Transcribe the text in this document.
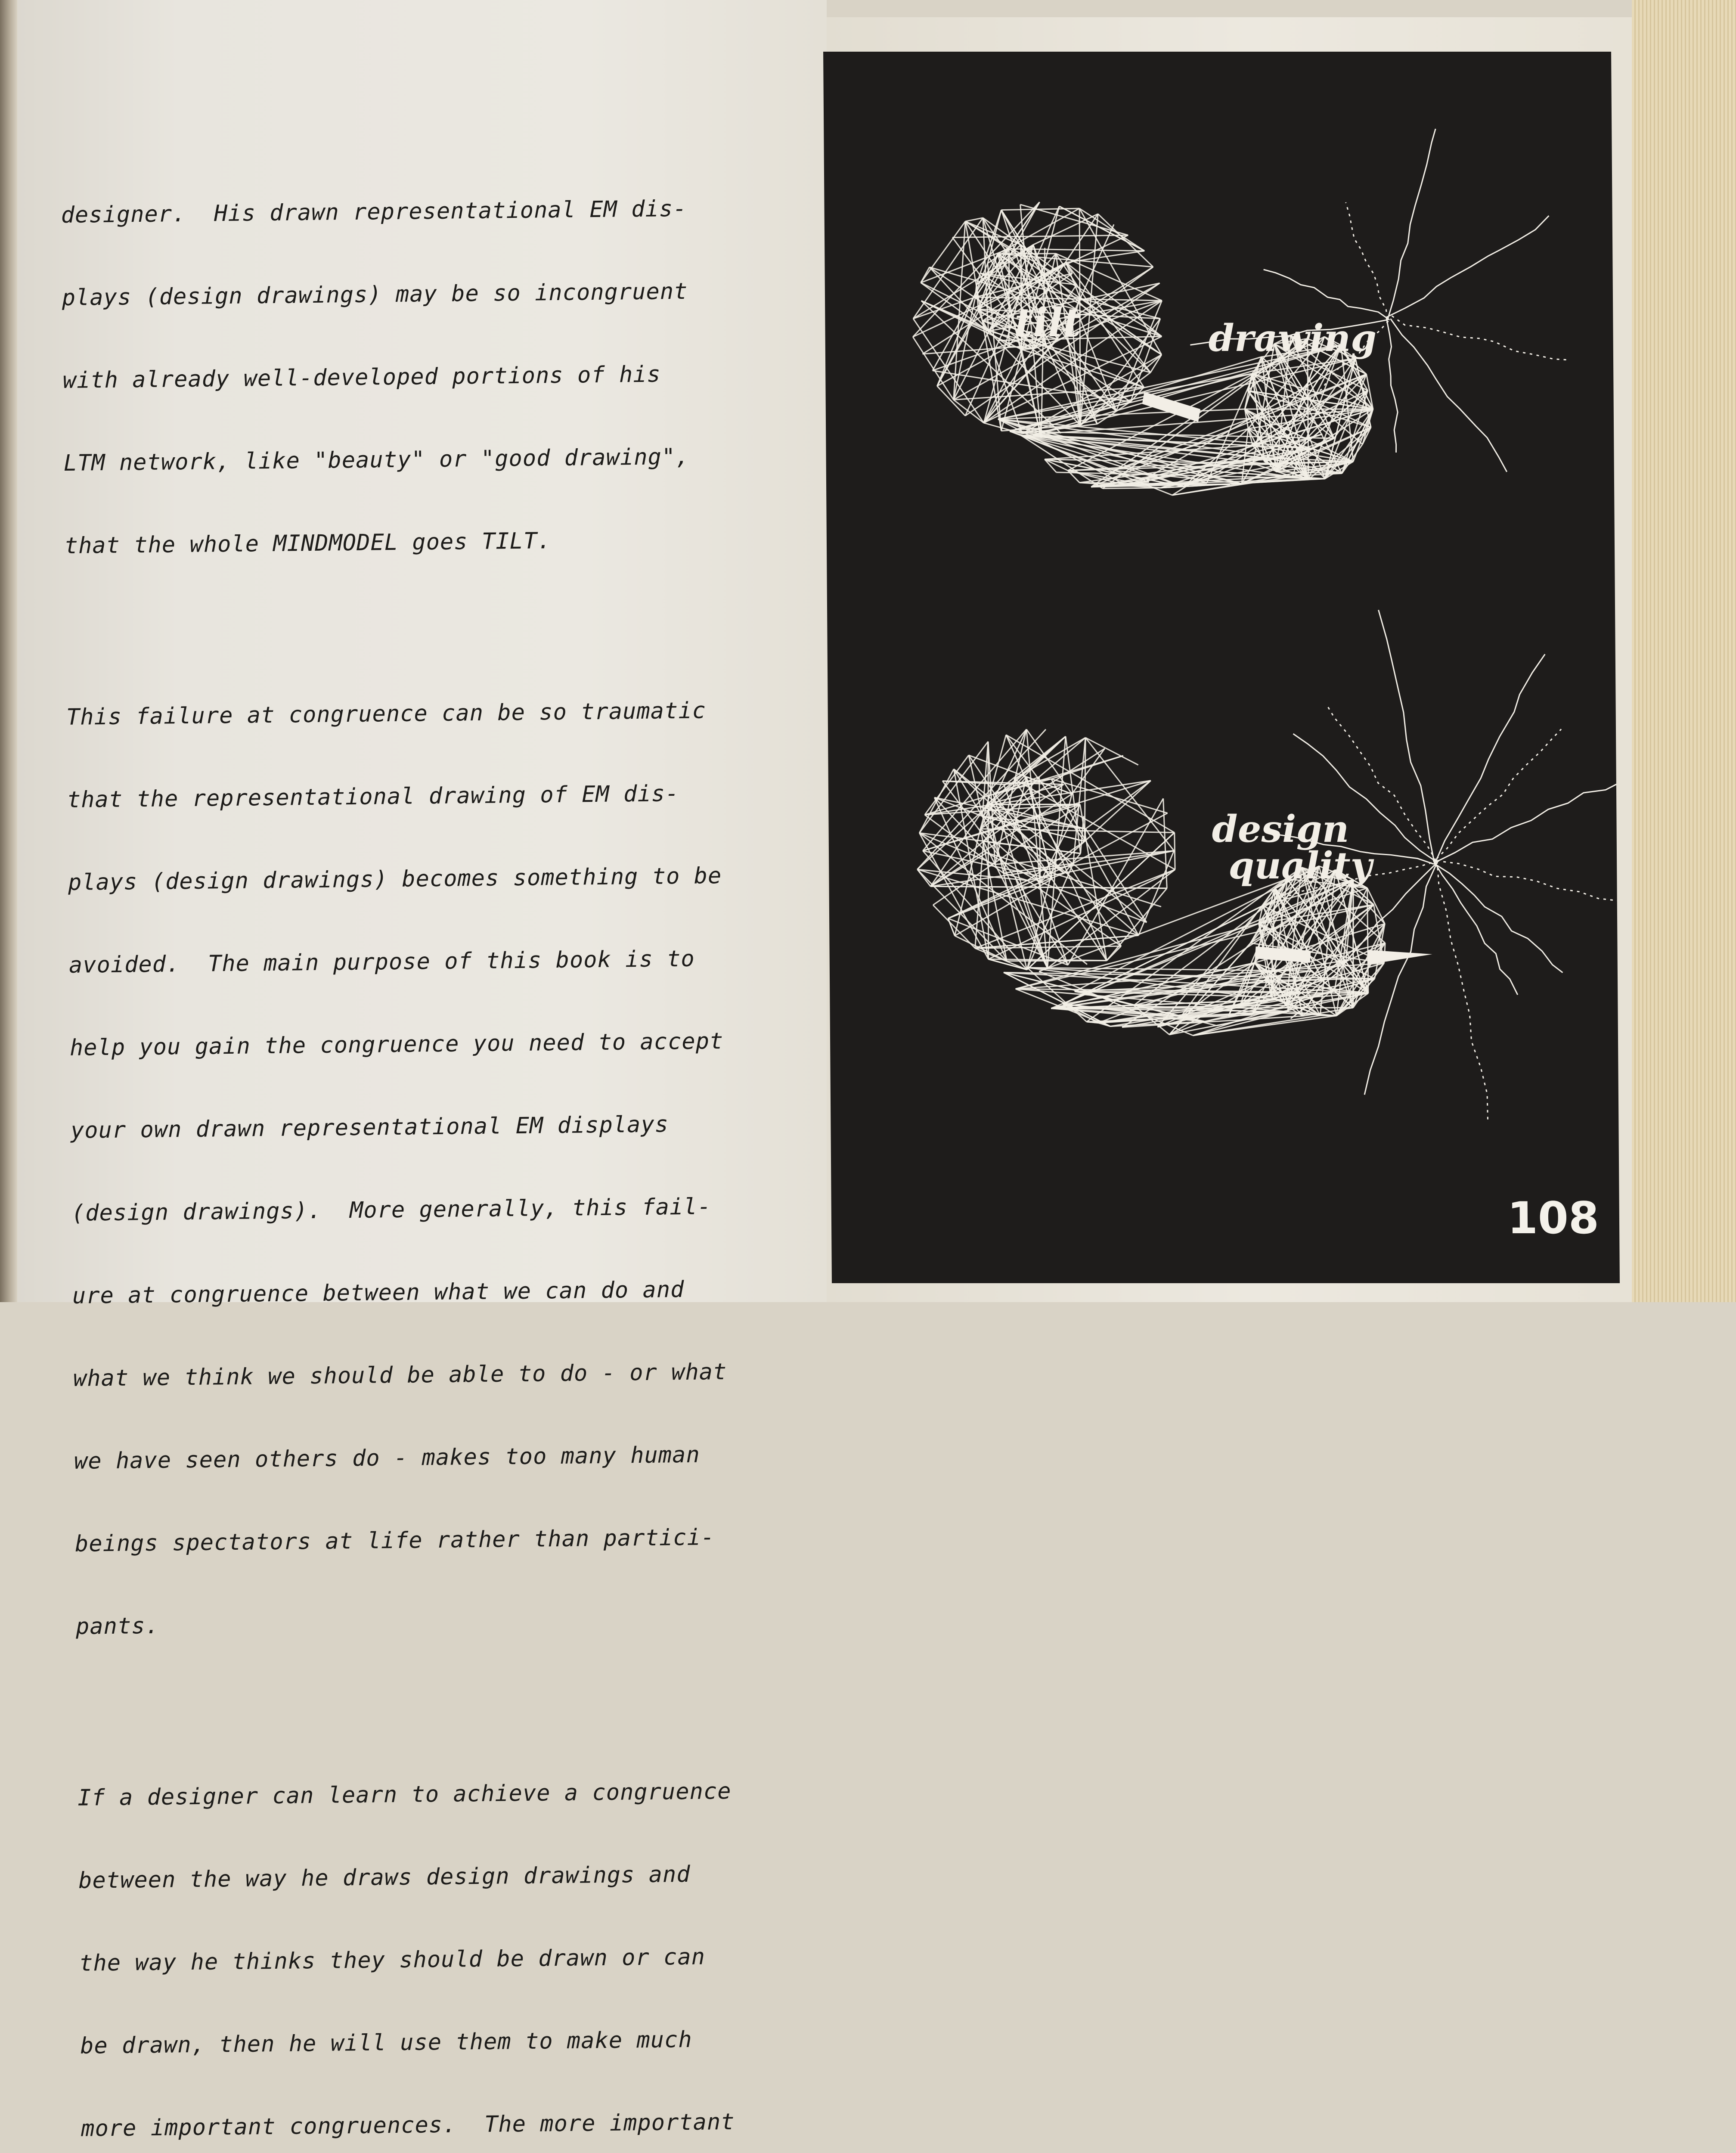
designer.  His drawn representational EM dis-

plays (design drawings) may be so incongruent

with already well-developed portions of his

LTM network, like "beauty" or "good drawing",

that the whole MINDMODEL goes TILT.

This failure at congruence can be so traumatic

that the representational drawing of EM dis-

plays (design drawings) becomes something to be

avoided.  The main purpose of this book is to

help you gain the congruence you need to accept

your own drawn representational EM displays

(design drawings).  More generally, this fail-

ure at congruence between what we can do and

what we think we should be able to do - or what

we have seen others do - makes too many human

beings spectators at life rather than partici-

pants.

If a designer can learn to achieve a congruence

between the way he draws design drawings and

the way he thinks they should be drawn or can

be drawn, then he will use them to make much

more important congruences.  The more important

tilt	drawing
design
quality
108
